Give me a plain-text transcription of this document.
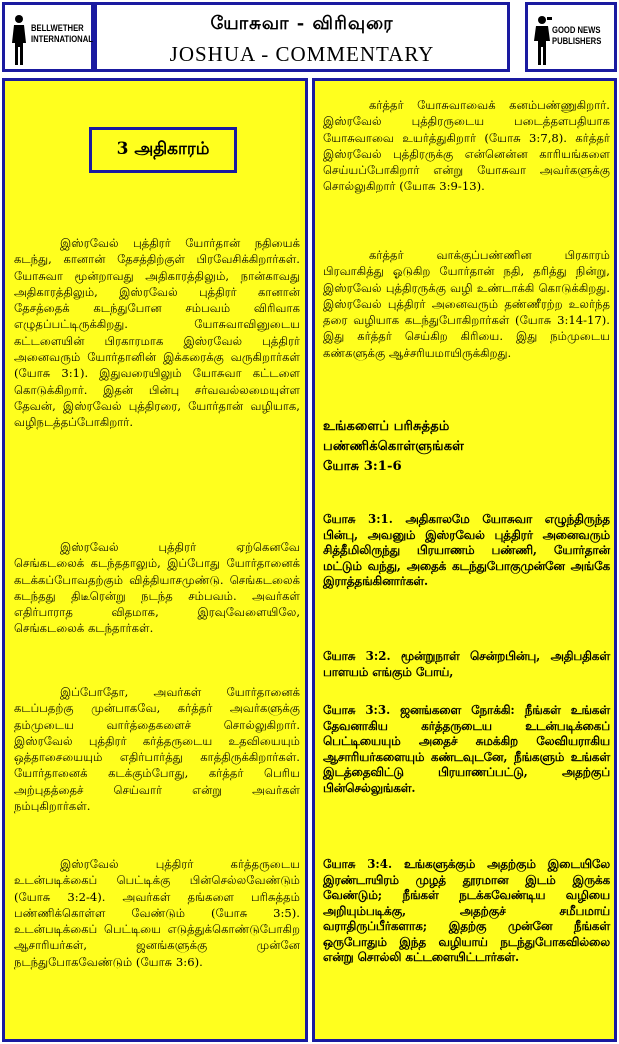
BELLWETHER
INTERNATIONAL
யோசுவா - விரிவுரை
JOSHUA - COMMENTARY
GOOD NEWS
PUBLISHERS
3 அதிகாரம்
இஸ்ரவேல் புத்திரர் யோர்தான் நதியைக் கடந்து, கானான் தேசத்திற்குள் பிரவேசிக்கிறார்கள். யோசுவா மூன்றாவது அதிகாரத்திலும், நான்காவது அதிகாரத்திலும், இஸ்ரவேல் புத்திரர் கானான் தேசத்தைக் கடந்துபோன சம்பவம் விரிவாக எழுதப்பட்டிருக்கிறது. யோசுவாவினுடைய கட்டளையின் பிரகாரமாக இஸ்ரவேல் புத்திரர் அனைவரும் யோர்தானின் இக்கரைக்கு வருகிறார்கள் (யோசு 3:1). இதுவரையிலும் யோசுவா கட்டளை கொடுக்கிறார். இதன் பின்பு சர்வவல்லமையுள்ள தேவன், இஸ்ரவேல் புத்திரரை, யோர்தான் வழியாக, வழிநடத்தப்போகிறார்.
இஸ்ரவேல் புத்திரர் ஏற்கெனவே செங்கடலைக் கடந்ததாலும், இப்போது யோர்தானைக் கடக்கப்போவதற்கும் வித்தியாசமுண்டு. செங்கடலைக் கடந்தது திடீரென்று நடந்த சம்பவம். அவர்கள் எதிர்பாராத விதமாக, இரவுவேளையிலே, செங்கடலைக் கடந்தார்கள்.
இப்போதோ, அவர்கள் யோர்தானைக் கடப்பதற்கு முன்பாகவே, கர்த்தர் அவர்களுக்கு தம்முடைய வார்த்தைகளைச் சொல்லுகிறார். இஸ்ரவேல் புத்திரர் கர்த்தருடைய உதவியையும் ஒத்தாசையையும் எதிர்பார்த்து காத்திருக்கிறார்கள். யோர்தானைக் கடக்கும்போது, கர்த்தர் பெரிய அற்புதத்தைச் செய்வார் என்று அவர்கள் நம்புகிறார்கள்.
இஸ்ரவேல் புத்திரர் கர்த்தருடைய உடன்படிக்கைப் பெட்டிக்கு பின்செல்லவேண்டும் (யோசு 3:2-4). அவர்கள் தங்களை பரிசுத்தம் பண்ணிக்கொள்ள வேண்டும் (யோசு 3:5). உடன்படிக்கைப் பெட்டியை எடுத்துக்கொண்டுபோகிற ஆசாரியர்கள், ஜனங்களுக்கு முன்னே நடந்துபோகவேண்டும் (யோசு 3:6).
கர்த்தர் யோசுவாவைக் கனம்பண்ணுகிறார். இஸ்ரவேல் புத்திரருடைய படைத்தளபதியாக யோசுவாவை உயர்த்துகிறார் (யோசு 3:7,8). கர்த்தர் இஸ்ரவேல் புத்திரருக்கு என்னென்ன காரியங்களை செய்யப்போகிறார் என்று யோசுவா அவர்களுக்கு சொல்லுகிறார் (யோசு 3:9-13).
கர்த்தர் வாக்குப்பண்ணின பிரகாரம் பிரவாகித்து ஓடுகிற யோர்தான் நதி, தரித்து நின்று, இஸ்ரவேல் புத்திரருக்கு வழி உண்டாக்கி கொடுக்கிறது. இஸ்ரவேல் புத்திரர் அனைவரும் தண்ணீரற்ற உலர்ந்த தரை வழியாக கடந்துபோகிறார்கள் (யோசு 3:14-17). இது கர்த்தர் செய்கிற கிரியை. இது நம்முடைய கண்களுக்கு ஆச்சரியமாயிருக்கிறது.
உங்களைப் பரிசுத்தம்
பண்ணிக்கொள்ளுங்கள்
யோசு 3:1-6
யோசு 3:1. அதிகாலமே யோசுவா எழுந்திருந்த பின்பு, அவனும் இஸ்ரவேல் புத்திரர் அனைவரும் சித்தீமிலிருந்து பிரயாணம் பண்ணி, யோர்தான் மட்டும் வந்து, அதைக் கடந்துபோகுமுன்னே அங்கே இராத்தங்கினார்கள்.
யோசு 3:2. மூன்றுநாள் சென்றபின்பு, அதிபதிகள் பாளயம் எங்கும் போய்,
யோசு 3:3. ஜனங்களை நோக்கி: நீங்கள் உங்கள் தேவனாகிய கர்த்தருடைய உடன்படிக்கைப் பெட்டியையும் அதைச் சுமக்கிற லேவியராகிய ஆசாரியர்களையும் கண்டவுடனே, நீங்களும் உங்கள் இடத்தைவிட்டு பிரயாணப்பட்டு, அதற்குப் பின்செல்லுங்கள்.
யோசு 3:4. உங்களுக்கும் அதற்கும் இடையிலே இரண்டாயிரம் முழத் தூரமான இடம் இருக்க வேண்டும்; நீங்கள் நடக்கவேண்டிய வழியை அறியும்படிக்கு, அதற்குச் சமீபமாய் வராதிருப்பீர்களாக; இதற்கு முன்னே நீங்கள் ஒருபோதும் இந்த வழியாய் நடந்துபோகவில்லை என்று சொல்லி கட்டளையிட்டார்கள்.
